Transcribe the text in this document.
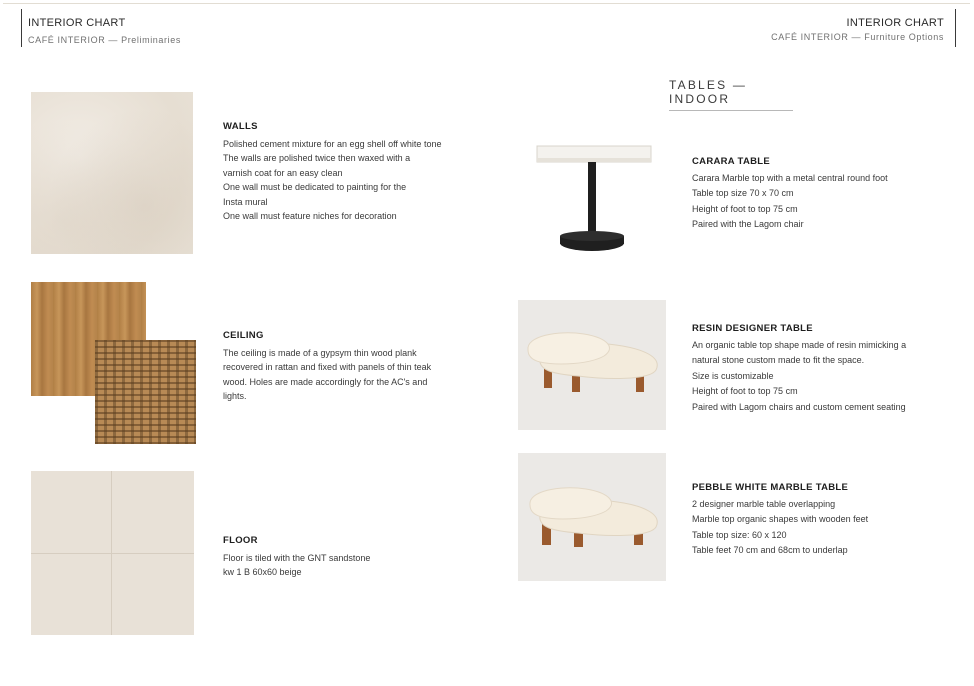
INTERIOR CHART
CAFÉ INTERIOR — Preliminaries
INTERIOR CHART
CAFÉ INTERIOR — Furniture Options
TABLES — INDOOR
WALLS
Polished cement mixture for an egg shell off white tone
The walls are polished twice then waxed with a
varnish coat for an easy clean
One wall must be dedicated to painting for the
Insta mural
One wall must feature niches for decoration
CEILING
The ceiling is made of a gypsym thin wood plank
recovered in rattan and fixed with panels of thin teak
wood. Holes are made accordingly for the AC's and
lights.
FLOOR
Floor is tiled with the GNT sandstone
kw 1 B 60x60 beige
CARARA TABLE
Carara Marble top with a metal central round foot
Table top size 70 x 70 cm
Height of foot to top 75 cm
Paired with the Lagom chair
RESIN DESIGNER TABLE
An organic table top shape made of resin mimicking a
natural stone custom made to fit the space.
Size is customizable
Height of foot to top 75 cm
Paired with Lagom chairs and custom cement seating
PEBBLE WHITE MARBLE TABLE
2 designer marble table overlapping
Marble top organic shapes with wooden feet
Table top size: 60 x 120
Table feet 70 cm and 68cm to underlap
